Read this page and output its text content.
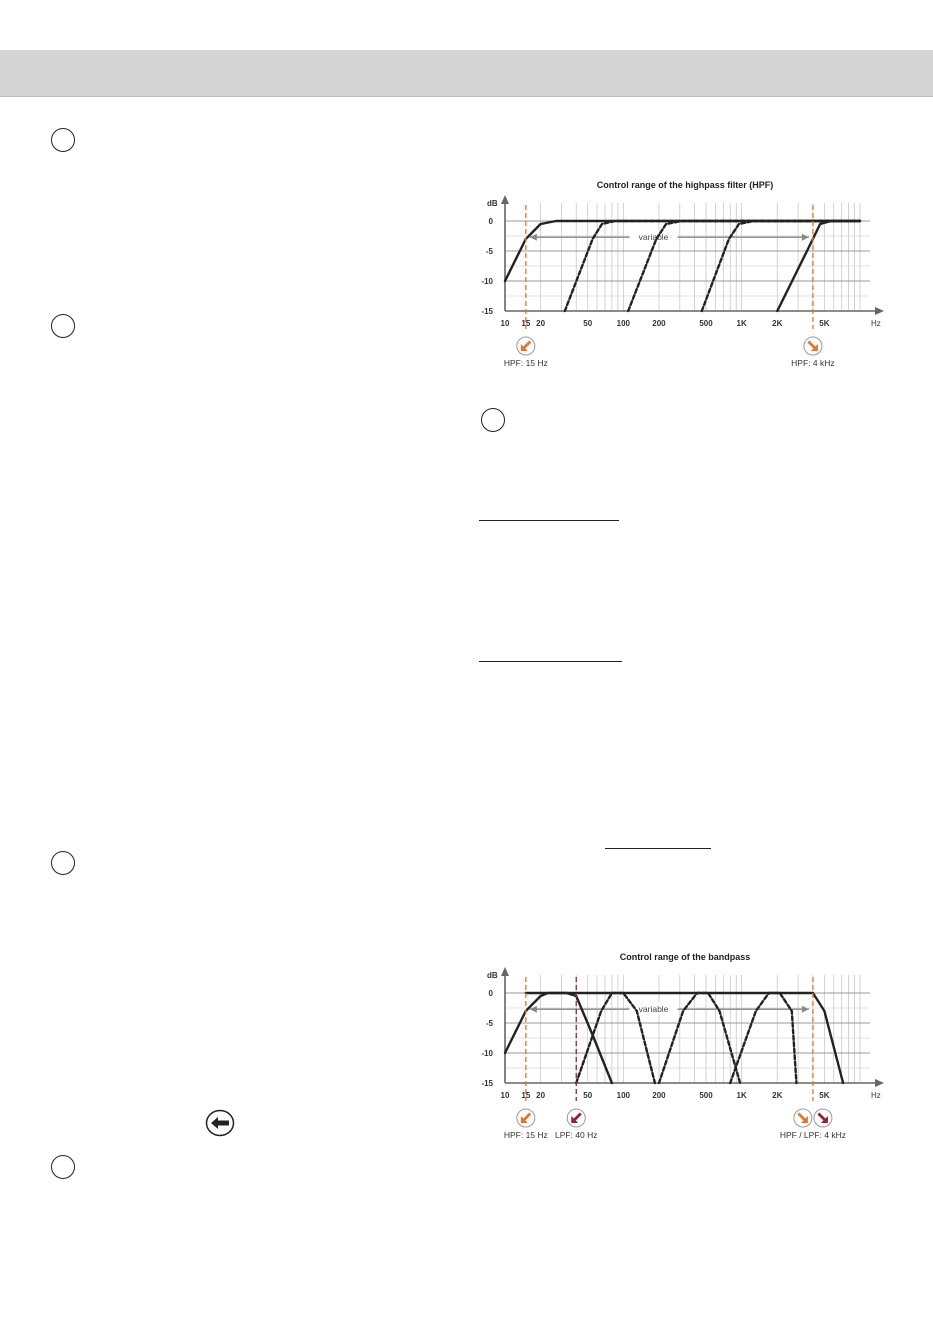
Control range of the highpass filter (HPF)
dB
Hz
0
-5
-10
-15
10 15 20	50	100	200	500	1K	2K	5K
variable
HPF: 15 Hz	HPF: 4 kHz
Control range of the bandpass
dB
Hz
0
-5
-10
-15
10 15 20	50	100	200	500	1K	2K	5K
variable
HPF: 15 Hz LPF: 40 Hz	HPF / LPF: 4 kHz
